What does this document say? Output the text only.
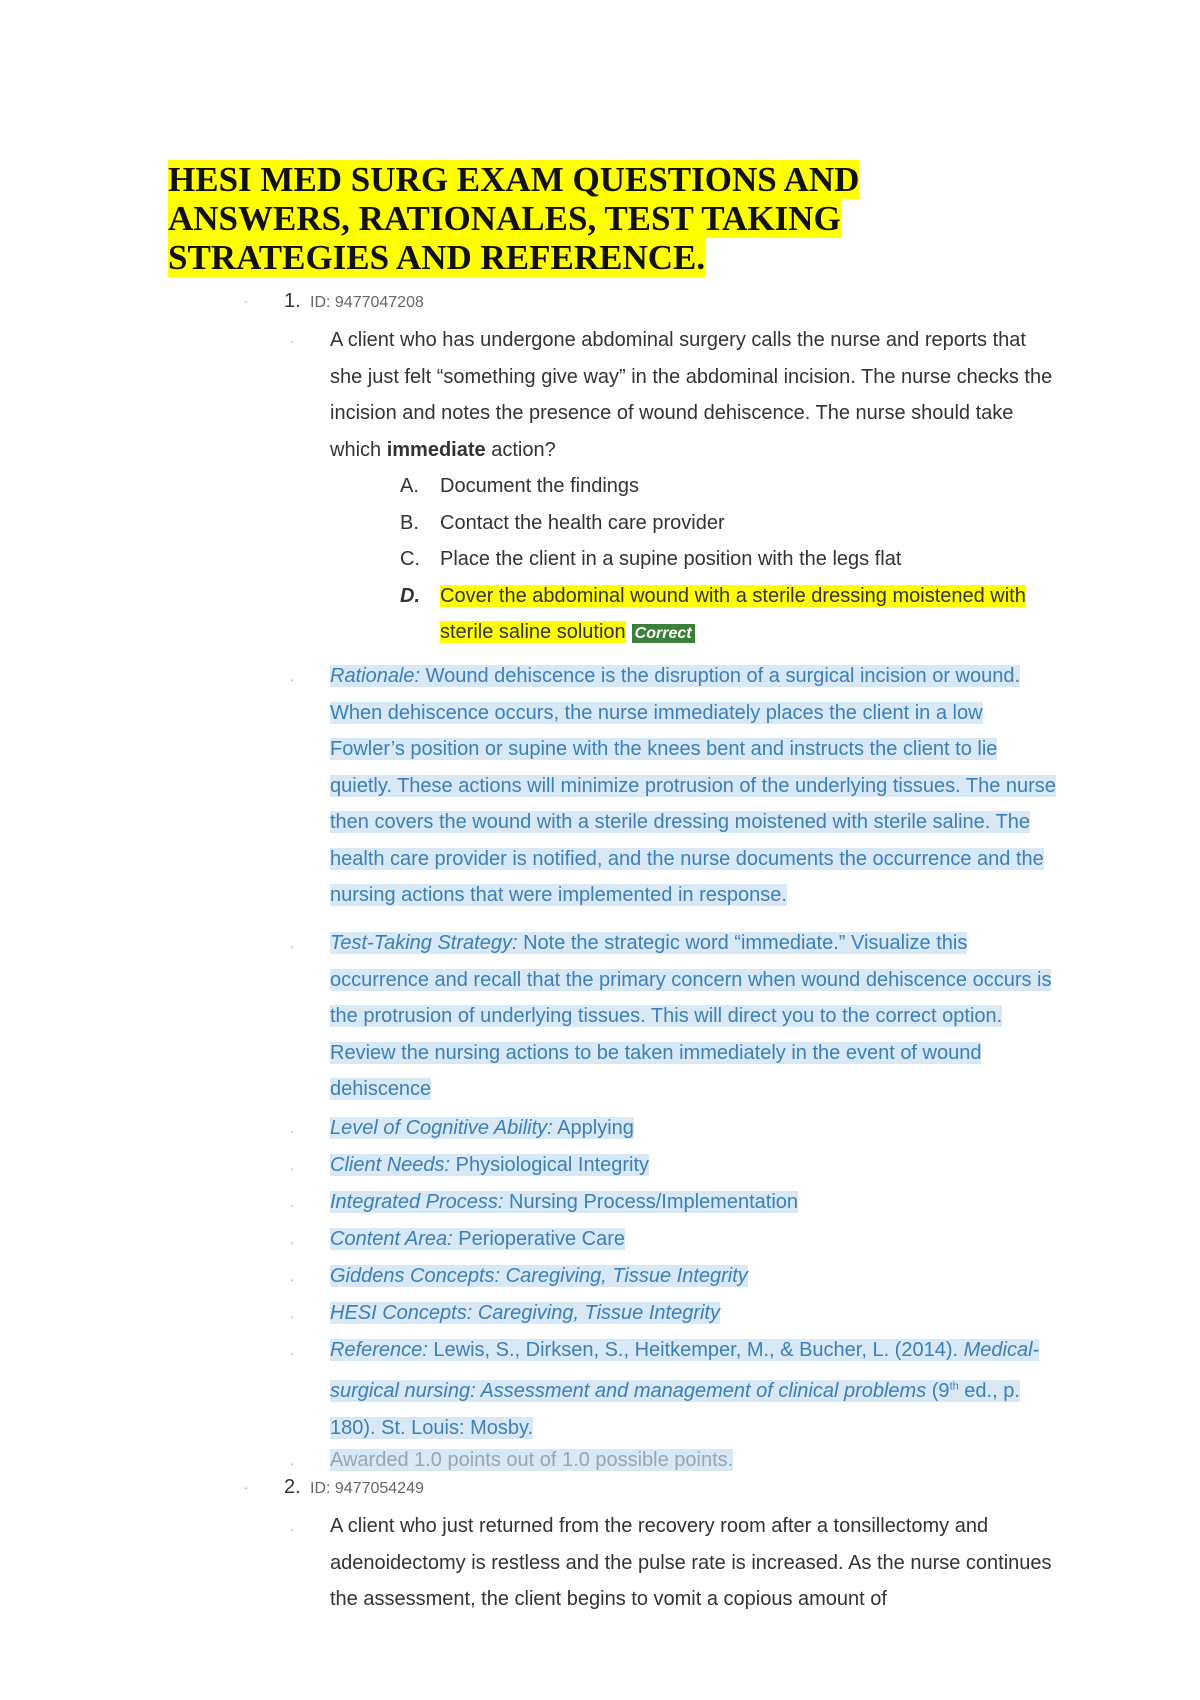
HESI MED SURG EXAM QUESTIONS AND ANSWERS, RATIONALES, TEST TAKING STRATEGIES AND REFERENCE.
. 1. ID: 9477047208
. A client who has undergone abdominal surgery calls the nurse and reports that she just felt “something give way” in the abdominal incision. The nurse checks the incision and notes the presence of wound dehiscence. The nurse should take which immediate action?
A.	Document the findings
B.	Contact the health care provider
C.	Place the client in a supine position with the legs flat
D.	Cover the abdominal wound with a sterile dressing moistened with sterile saline solution Correct
. Rationale: Wound dehiscence is the disruption of a surgical incision or wound. When dehiscence occurs, the nurse immediately places the client in a low Fowler’s position or supine with the knees bent and instructs the client to lie quietly. These actions will minimize protrusion of the underlying tissues. The nurse then covers the wound with a sterile dressing moistened with sterile saline. The health care provider is notified, and the nurse documents the occurrence and the nursing actions that were implemented in response.
. Test-Taking Strategy: Note the strategic word “immediate.” Visualize this occurrence and recall that the primary concern when wound dehiscence occurs is the protrusion of underlying tissues. This will direct you to the correct option. Review the nursing actions to be taken immediately in the event of wound dehiscence
. Level of Cognitive Ability: Applying
. Client Needs: Physiological Integrity
. Integrated Process: Nursing Process/Implementation
. Content Area: Perioperative Care
. Giddens Concepts: Caregiving, Tissue Integrity
. HESI Concepts: Caregiving, Tissue Integrity
. Reference: Lewis, S., Dirksen, S., Heitkemper, M., & Bucher, L. (2014). Medical-surgical nursing: Assessment and management of clinical problems (9th ed., p. 180). St. Louis: Mosby.
. Awarded 1.0 points out of 1.0 possible points.
. 2. ID: 9477054249
. A client who just returned from the recovery room after a tonsillectomy and adenoidectomy is restless and the pulse rate is increased. As the nurse continues the assessment, the client begins to vomit a copious amount of
